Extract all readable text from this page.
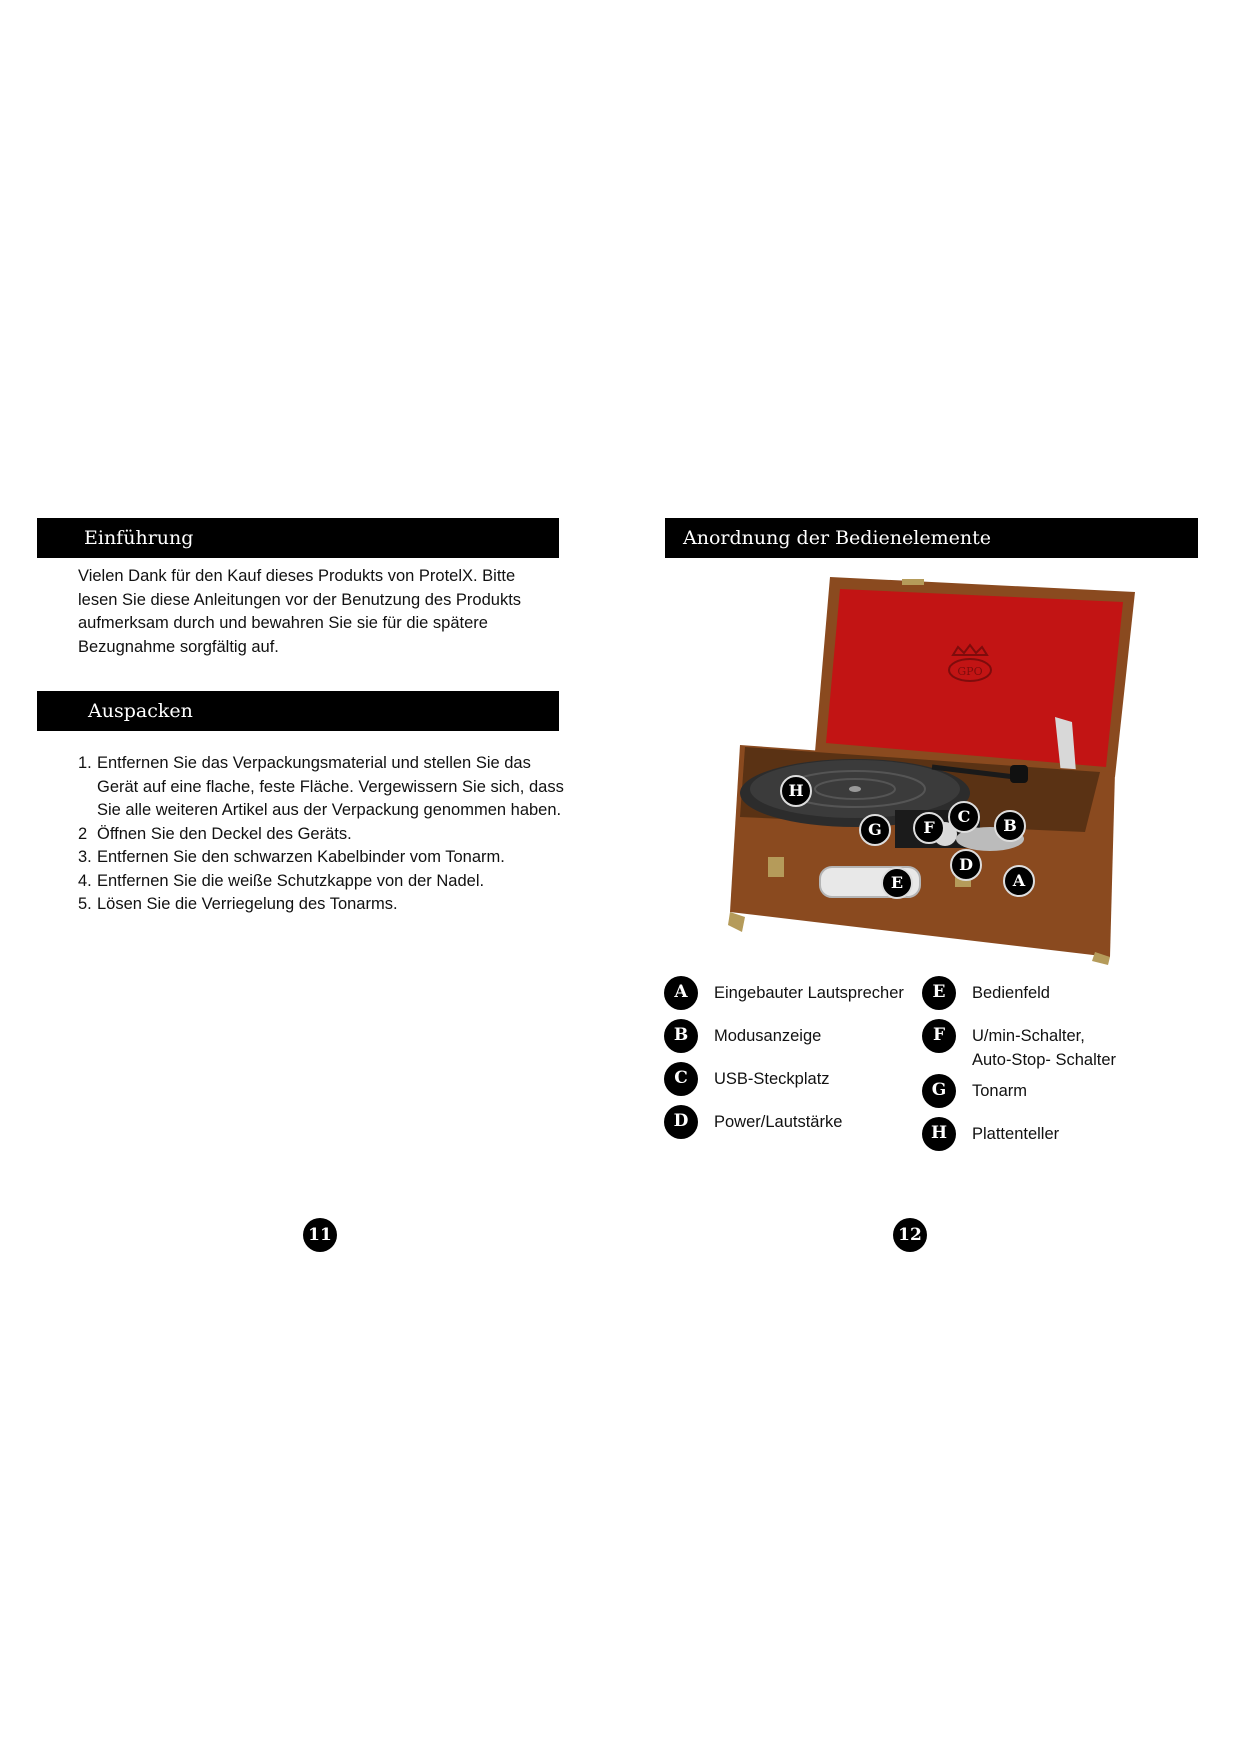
Einführung
Vielen Dank für den Kauf dieses Produkts von ProtelX. Bitte
lesen Sie diese Anleitungen vor der Benutzung des Produkts
aufmerksam durch und bewahren Sie sie für die spätere
Bezugnahme sorgfältig auf.
Auspacken
1. Entfernen Sie das Verpackungsmaterial und stellen Sie das Gerät auf eine flache, feste Fläche. Vergewissern Sie sich, dass Sie alle weiteren Artikel aus der Verpackung genommen haben.
2 Öffnen Sie den Deckel des Geräts.
3. Entfernen Sie den schwarzen Kabelbinder vom Tonarm.
4. Entfernen Sie die weiße Schutzkappe von der Nadel.
5. Lösen Sie die Verriegelung des Tonarms.
11
Anordnung der Bedienelemente
GPO
H
G	F
C	B
D
A
E
A	Eingebauter Lautsprecher
B	Modusanzeige
C	USB-Steckplatz
D	Power/Lautstärke
E	Bedienfeld
F	U/min-Schalter,
Auto-Stop- Schalter
G	Tonarm
H	Plattenteller
12
